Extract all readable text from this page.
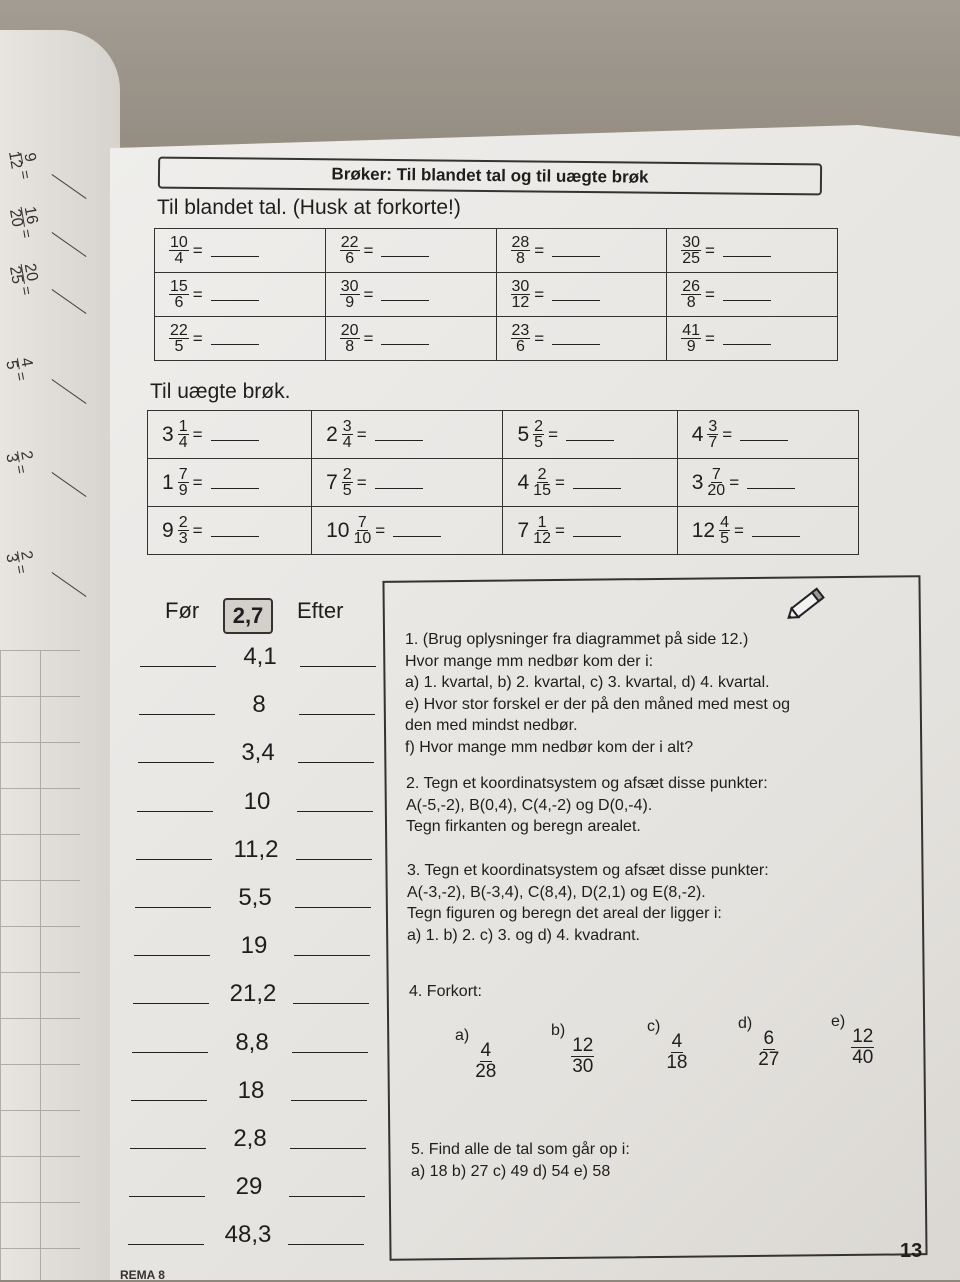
9
12
=
16
20
=
20
25
=
4
5
=
2
3
=
2
3
=
Brøker: Til blandet tal og til uægte brøk
Til blandet tal. (Husk at forkorte!)
$\frac{10}{4}$ =	$\frac{22}{6}$ =	$\frac{28}{8}$ =	$\frac{30}{25}$ =

$\frac{15}{6}$ =	$\frac{30}{9}$ =	$\frac{30}{12}$ =	$\frac{26}{8}$ =

$\frac{22}{5}$ =	$\frac{20}{8}$ =	$\frac{23}{6}$ =	$\frac{41}{9}$ =
Til uægte brøk.
$3 \frac{1}{4}$ =	$2 \frac{3}{4}$ =	$5 \frac{2}{5}$ =	$4 \frac{3}{7}$ =

$1 \frac{7}{9}$ =	$7 \frac{2}{5}$ =	$4 \frac{2}{15}$ =	$3 \frac{7}{20}$ =

$9 \frac{2}{3}$ =	$10 \frac{7}{10}$ =	$7 \frac{1}{12}$ =	$12 \frac{4}{5}$ =
Før	2,7	Efter
4,1
8
3,4
10
11,2
5,5
19
21,2
8,8
18
2,8
29
48,3
1. (Brug oplysninger fra diagrammet på side 12.)
Hvor mange mm nedbør kom der i:
a) 1. kvartal, b) 2. kvartal, c) 3. kvartal, d) 4. kvartal.
e) Hvor stor forskel er der på den måned med mest og
den med mindst nedbør.
f) Hvor mange mm nedbør kom der i alt?
2. Tegn et koordinatsystem og afsæt disse punkter:
A(-5,-2), B(0,4), C(4,-2) og D(0,-4).
Tegn firkanten og beregn arealet.
3. Tegn et koordinatsystem og afsæt disse punkter:
A(-3,-2), B(-3,4), C(8,4), D(2,1) og E(8,-2).
Tegn figuren og beregn det areal der ligger i:
a) 1. b) 2. c) 3. og d) 4. kvadrant.
4. Forkort:
a)
$\frac{4}{28}$
b)
$\frac{12}{30}$
c)
$\frac{4}{18}$
d)
$\frac{6}{27}$
e)
$\frac{12}{40}$
5. Find alle de tal som går op i:
a) 18 b) 27 c) 49 d) 54 e) 58
13
REMA 8
